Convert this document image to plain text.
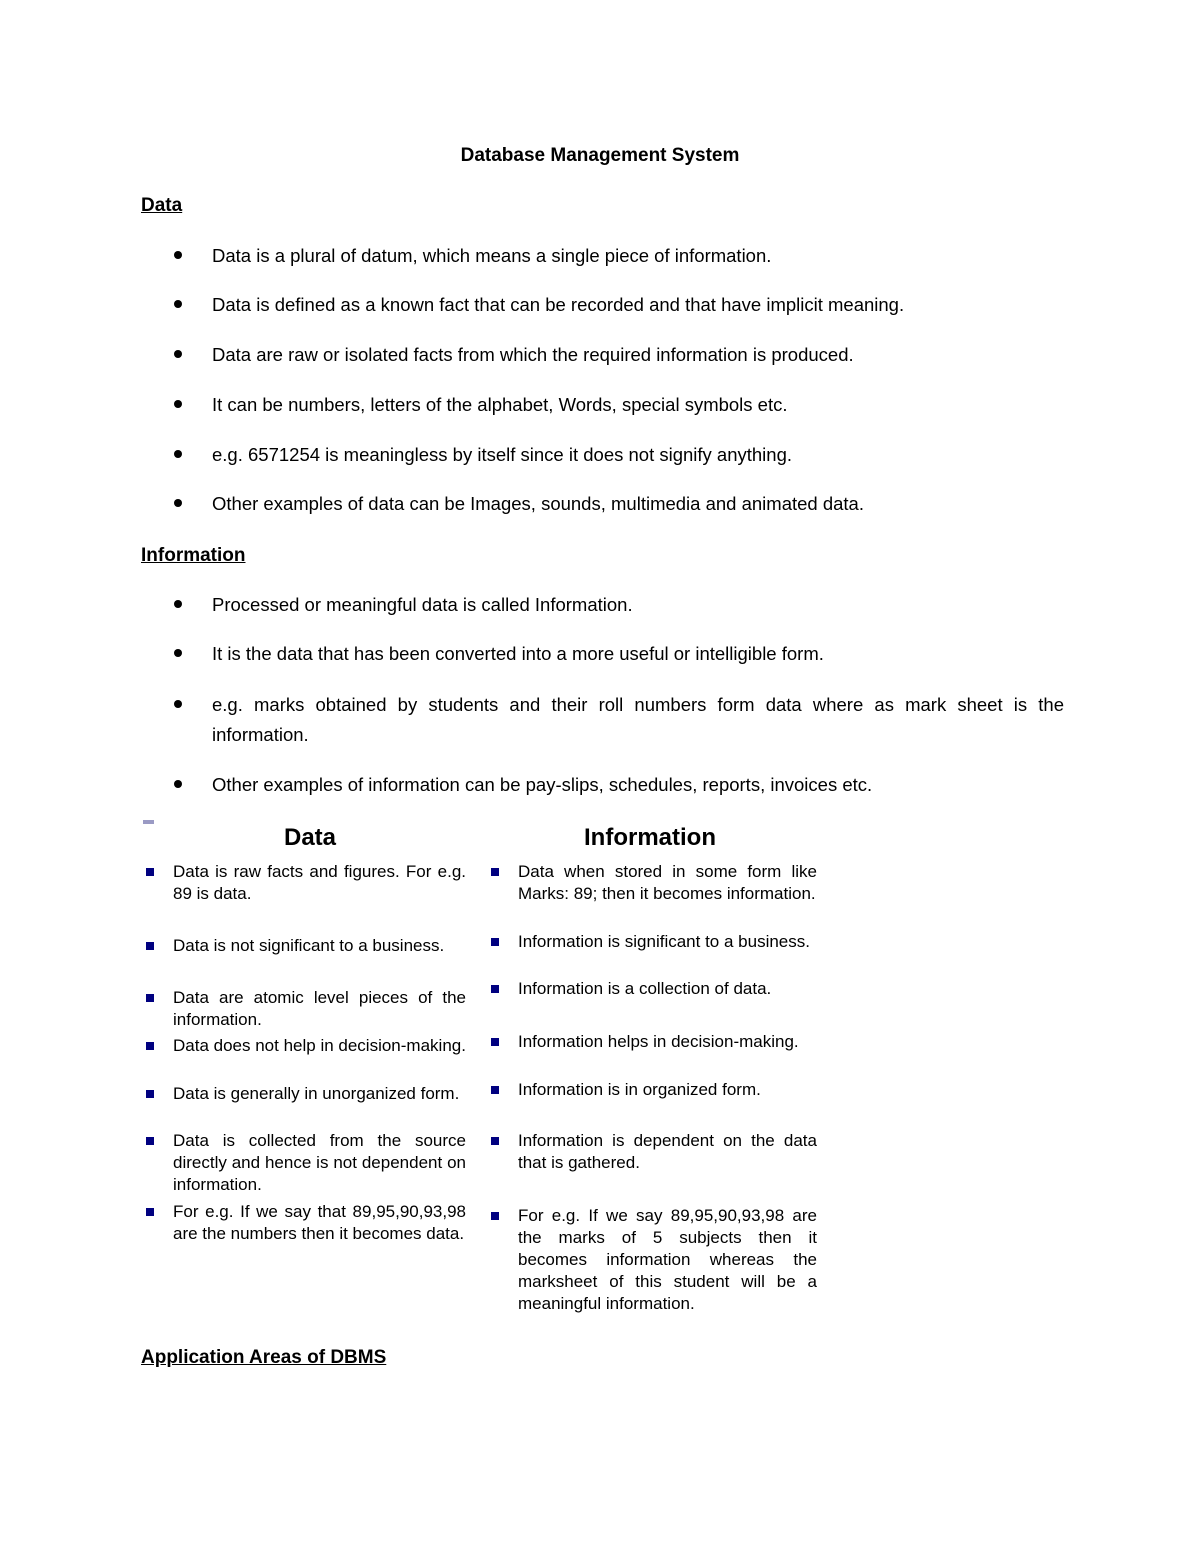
Database Management System
Data
Data is a plural of datum, which means a single piece of information.
Data is defined as a known fact that can be recorded and that have implicit meaning.
Data are raw or isolated facts from which the required information is produced.
It can be numbers, letters of the alphabet, Words, special symbols etc.
e.g. 6571254 is meaningless by itself since it does not signify anything.
Other examples of data can be Images, sounds, multimedia and animated data.
Information
Processed or meaningful data is called Information.
It is the data that has been converted into a more useful or intelligible form.
e.g. marks obtained by students and their roll numbers form data where as mark sheet is the information.
Other examples of information can be pay-slips, schedules, reports, invoices etc.
Data	Information
Data is raw facts and figures. For e.g. 89 is data.
Data is not significant to a business.
Data are atomic level pieces of the information.
Data does not help in decision-making.
Data is generally in unorganized form.
Data is collected from the source directly and hence is not dependent on information.
For e.g. If we say that 89,95,90,93,98 are the numbers then it becomes data.
Data when stored in some form like Marks: 89; then it becomes information.
Information is significant to a business.
Information is a collection of data.
Information helps in decision-making.
Information is in organized form.
Information is dependent on the data that is gathered.
For e.g. If we say 89,95,90,93,98 are the marks of 5 subjects then it becomes information whereas the marksheet of this student will be a meaningful information.
Application Areas of DBMS
